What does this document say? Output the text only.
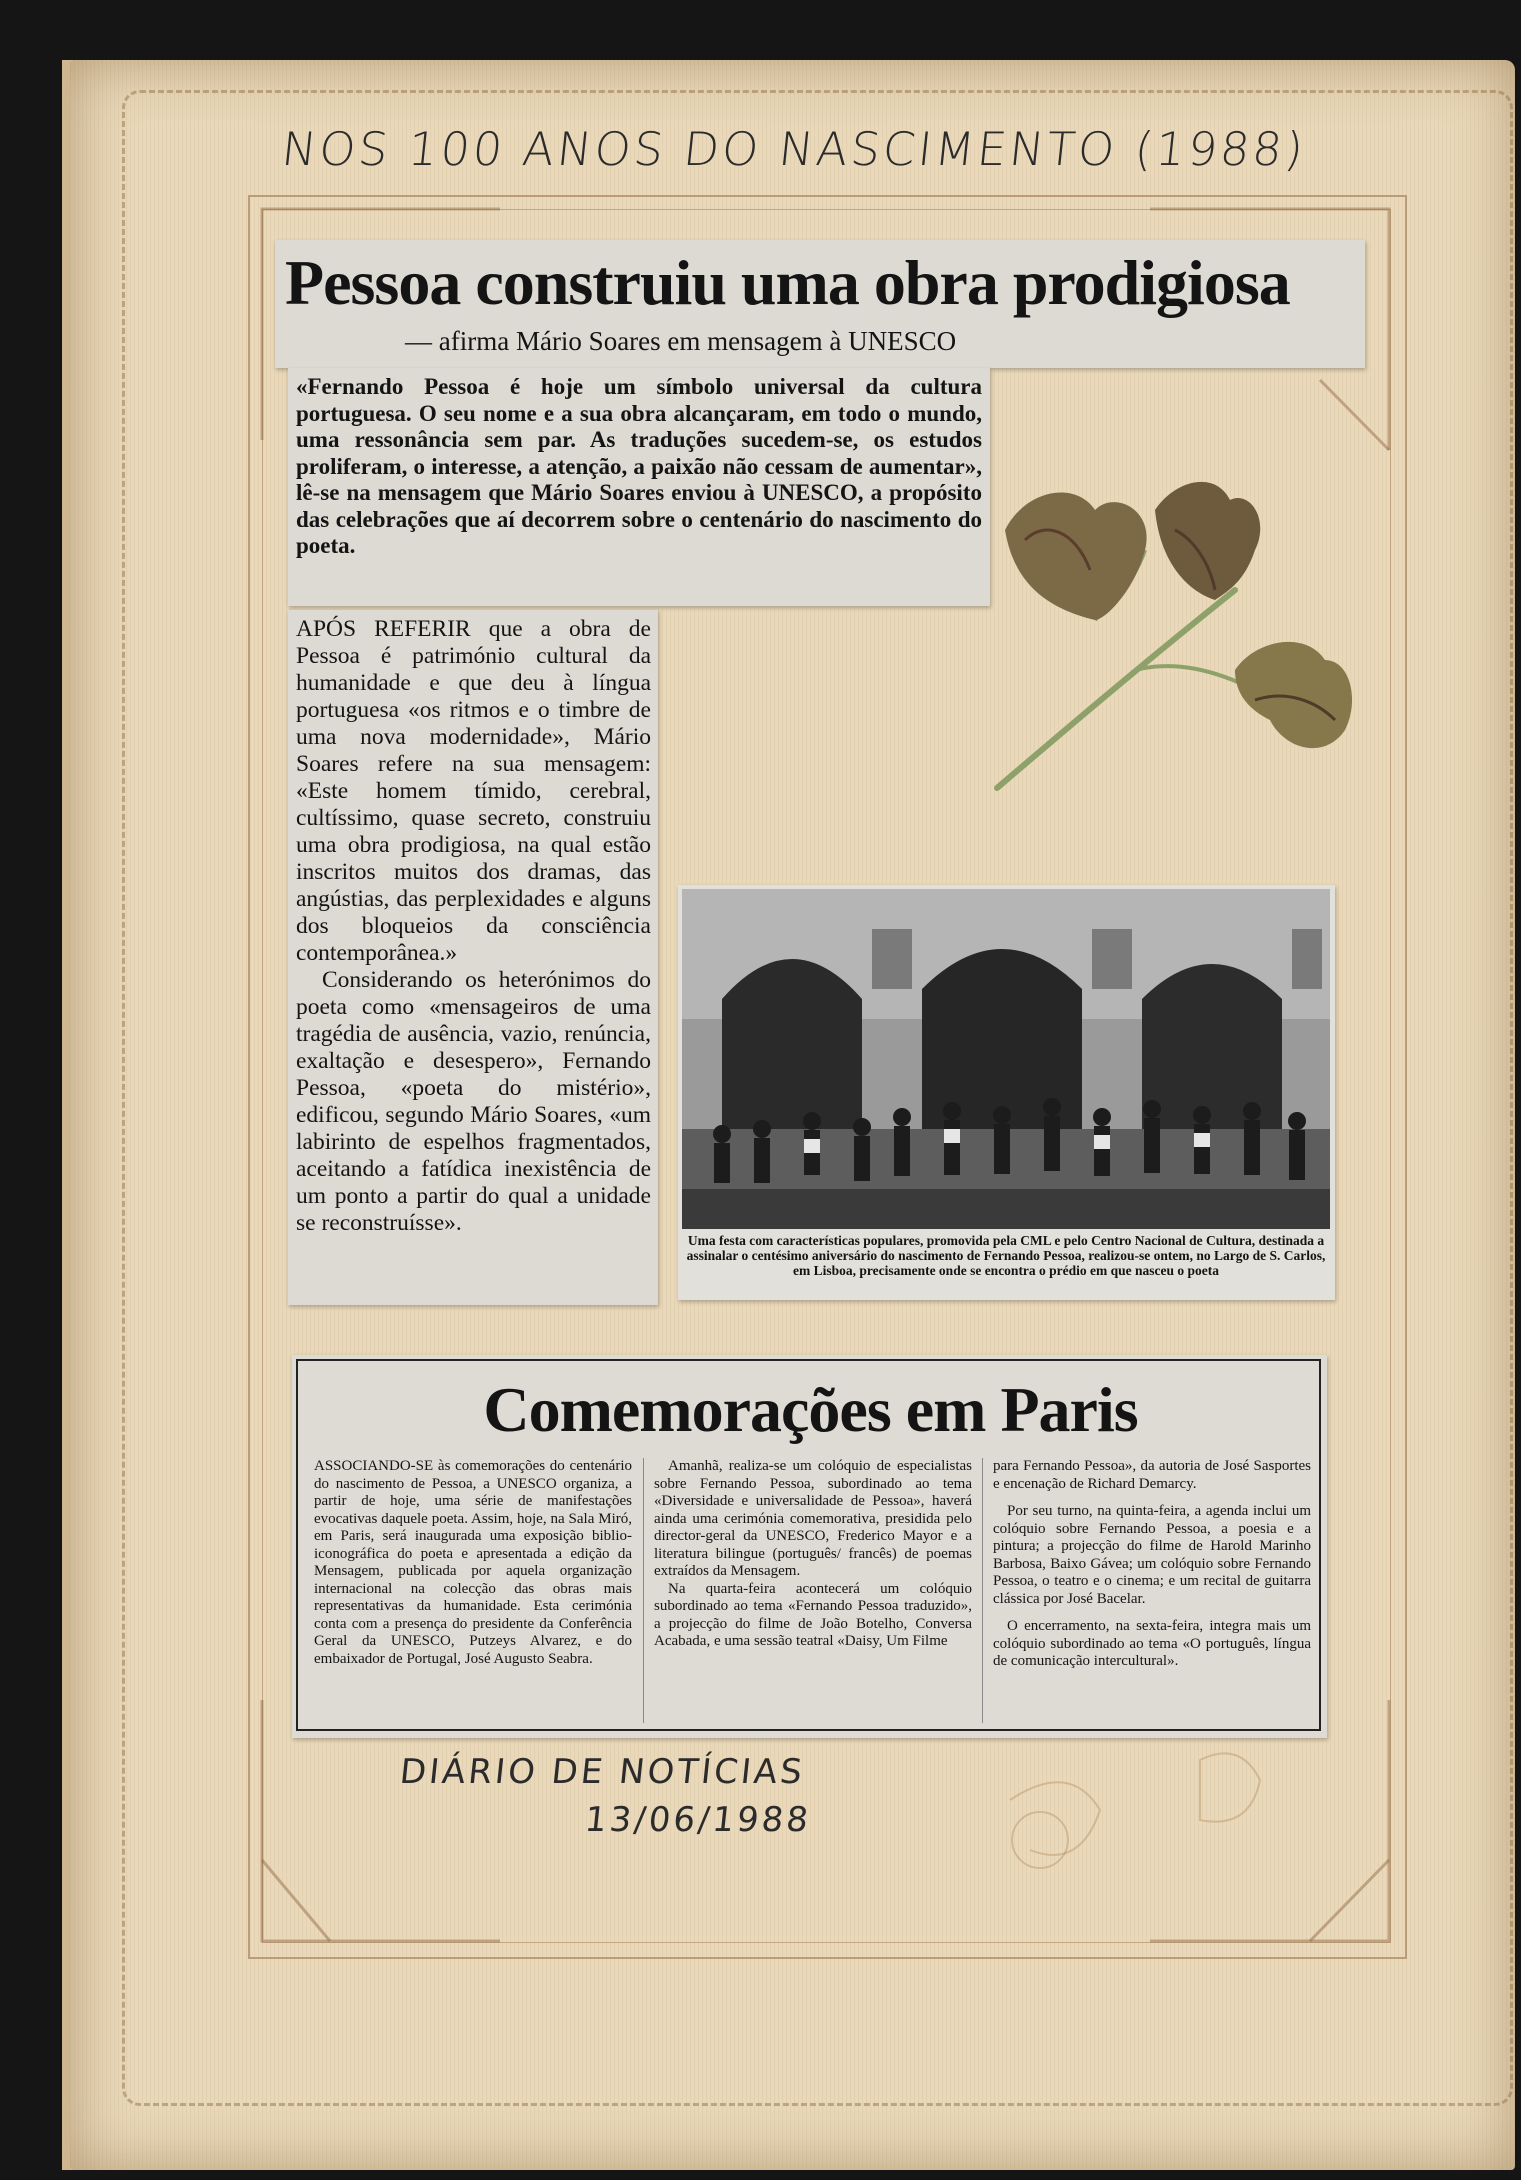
NOS 100 ANOS DO NASCIMENTO (1988)
Pessoa construiu uma obra prodigiosa
— afirma Mário Soares em mensagem à UNESCO

«Fernando Pessoa é hoje um símbolo universal da cultura portuguesa. O seu nome e a sua obra alcançaram, em todo o mundo, uma ressonância sem par. As traduções sucedem-se, os estudos proliferam, o interesse, a atenção, a paixão não cessam de aumentar», lê-se na mensagem que Mário Soares enviou à UNESCO, a propósito das celebrações que aí decorrem sobre o centenário do nascimento do poeta.

APÓS REFERIR que a obra de Pessoa é património cultural da humanidade e que deu à língua portuguesa «os ritmos e o timbre de uma nova modernidade», Mário Soares refere na sua mensagem: «Este homem tímido, cerebral, cultíssimo, quase secreto, construiu uma obra prodigiosa, na qual estão inscritos muitos dos dramas, das angústias, das perplexidades e alguns dos bloqueios da consciência contemporânea.»

Considerando os heterónimos do poeta como «mensageiros de uma tragédia de ausência, vazio, renúncia, exaltação e desespero», Fernando Pessoa, «poeta do mistério», edificou, segundo Mário Soares, «um labirinto de espelhos fragmentados, aceitando a fatídica inexistência de um ponto a partir do qual a unidade se reconstruísse».

Uma festa com características populares, promovida pela CML e pelo Centro Nacional de Cultura, destinada a assinalar o centésimo aniversário do nascimento de Fernando Pessoa, realizou-se ontem, no Largo de S. Carlos, em Lisboa, precisamente onde se encontra o prédio em que nasceu o poeta

Comemorações em Paris

ASSOCIANDO-SE às comemorações do centenário do nascimento de Pessoa, a UNESCO organiza, a partir de hoje, uma série de manifestações evocativas daquele poeta. Assim, hoje, na Sala Miró, em Paris, será inaugurada uma exposição bibliо-iconográfica do poeta e apresentada a edição da Mensagem, publicada por aquela organização internacional na colecção das obras mais representativas da humanidade. Esta cerimónia conta com a presença do presidente da Conferência Geral da UNESCO, Putzeys Alvarez, e do embaixador de Portugal, José Augusto Seabra.

Amanhã, realiza-se um colóquio de especialistas sobre Fernando Pessoa, subordinado ao tema «Diversidade e universalidade de Pessoa», haverá ainda uma cerimónia comemorativa, presidida pelo director-geral da UNESCO, Frederico Mayor e a literatura bilingue (português/ francês) de poemas extraídos da Mensagem.

Na quarta-feira acontecerá um colóquio subordinado ao tema «Fernando Pessoa traduzido», a projecção do filme de João Botelho, Conversa Acabada, e uma sessão teatral «Daisy, Um Filme

para Fernando Pessoa», da autoria de José Sasportes e encenação de Richard Demarcy.

Por seu turno, na quinta-feira, a agenda inclui um colóquio sobre Fernando Pessoa, a poesia e a pintura; a projecção do filme de Harold Marinho Barbosa, Baixo Gávea; um colóquio sobre Fernando Pessoa, o teatro e o cinema; e um recital de guitarra clássica por José Bacelar.

O encerramento, na sexta-feira, integra mais um colóquio subordinado ao tema «O português, língua de comunicação intercultural».

DIÁRIO DE NOTÍCIAS
13/06/1988
